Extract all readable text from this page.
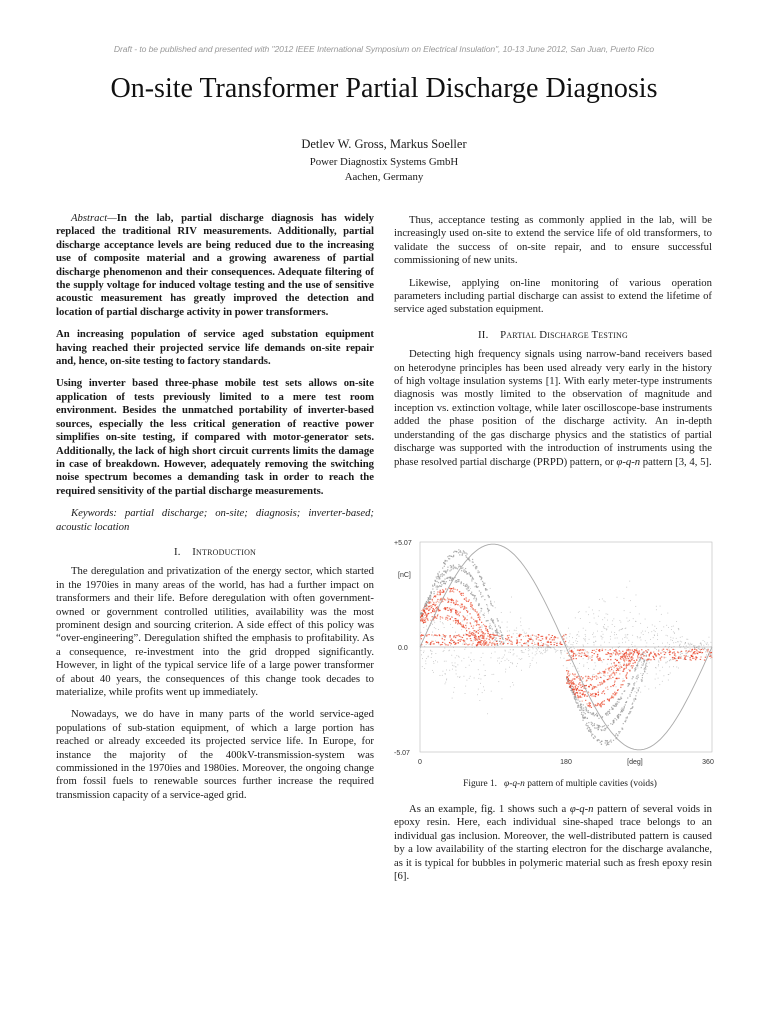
Draft - to be published and presented with "2012 IEEE International Symposium on Electrical Insulation", 10-13 June 2012, San Juan, Puerto Rico
On-site Transformer Partial Discharge Diagnosis
Detlev W. Gross, Markus Soeller
Power Diagnostix Systems GmbH
Aachen, Germany

Abstract—In the lab, partial discharge diagnosis has widely replaced the traditional RIV measurements. Additionally, partial discharge acceptance levels are being reduced due to the increasing use of composite material and a growing awareness of partial discharge phenomenon and their consequences. Adequate filtering of the supply voltage for induced voltage testing and the use of sensitive acoustic measurement has greatly improved the detection and location of partial discharge activity in power transformers.

An increasing population of service aged substation equipment having reached their projected service life demands on-site repair and, hence, on-site testing to factory standards.

Using inverter based three-phase mobile test sets allows on-site application of tests previously limited to a mere test room environment. Besides the unmatched portability of inverter-based sources, especially the less critical generation of reactive power simplifies on-site testing, if compared with motor-generator sets. Additionally, the lack of high short circuit currents limits the damage in case of breakdown. However, adequately removing the switching noise spectrum becomes a demanding task in order to reach the required sensitivity of the partial discharge measurements.

Keywords: partial discharge; on-site; diagnosis; inverter-based; acoustic location

I. Introduction

The deregulation and privatization of the energy sector, which started in the 1970ies in many areas of the world, has had a further impact on transformers and their life. Before deregulation with often government-owned or government controlled utilities, availability was the most prominent design and sourcing criterion. A side effect of this policy was “over-engineering”. Deregulation shifted the emphasis to profitability. As a consequence, re-investment into the grid dropped significantly. However, in light of the typical service life of a large power transformer of about 40 years, the consequences of this change took decades to materialize, while profits went up immediately.

Nowadays, we do have in many parts of the world service-aged populations of sub-station equipment, of which a large portion has reached or already exceeded its projected service life. In Europe, for instance the majority of the 400kV-transmission-system was commissioned in the 1970ies and 1980ies. Moreover, the ongoing change from fossil fuels to renewable sources further increase the required transmission capacity of a service-aged grid.

Thus, acceptance testing as commonly applied in the lab, will be increasingly used on-site to extend the service life of old transformers, to validate the success of on-site repair, and to ensure successful commissioning of new units.

Likewise, applying on-line monitoring of various operation parameters including partial discharge can assist to extend the lifetime of service aged substation equipment.

II. Partial Discharge Testing

Detecting high frequency signals using narrow-band receivers based on heterodyne principles has been used already very early in the history of high voltage insulation systems [1]. With early meter-type instruments diagnosis was mostly limited to the observation of magnitude and inception vs. extinction voltage, while later oscilloscope-base instruments added the phase position of the discharge activity. An in-depth understanding of the gas discharge physics and the statistics of partial discharge was supported with the introduction of instruments using the phase resolved partial discharge (PRPD) pattern, or φ-q-n pattern [3, 4, 5].

+5.07
0.0
-5.07
[nC]
0	180	360
[deg]
Figure 1. φ-q-n pattern of multiple cavities (voids)

As an example, fig. 1 shows such a φ-q-n pattern of several voids in epoxy resin. Here, each individual sine-shaped trace belongs to an individual gas inclusion. Moreover, the well-distributed pattern is caused by a low availability of the starting electron for the discharge avalanche, as it is typical for bubbles in polymeric material such as fresh epoxy resin [6].
